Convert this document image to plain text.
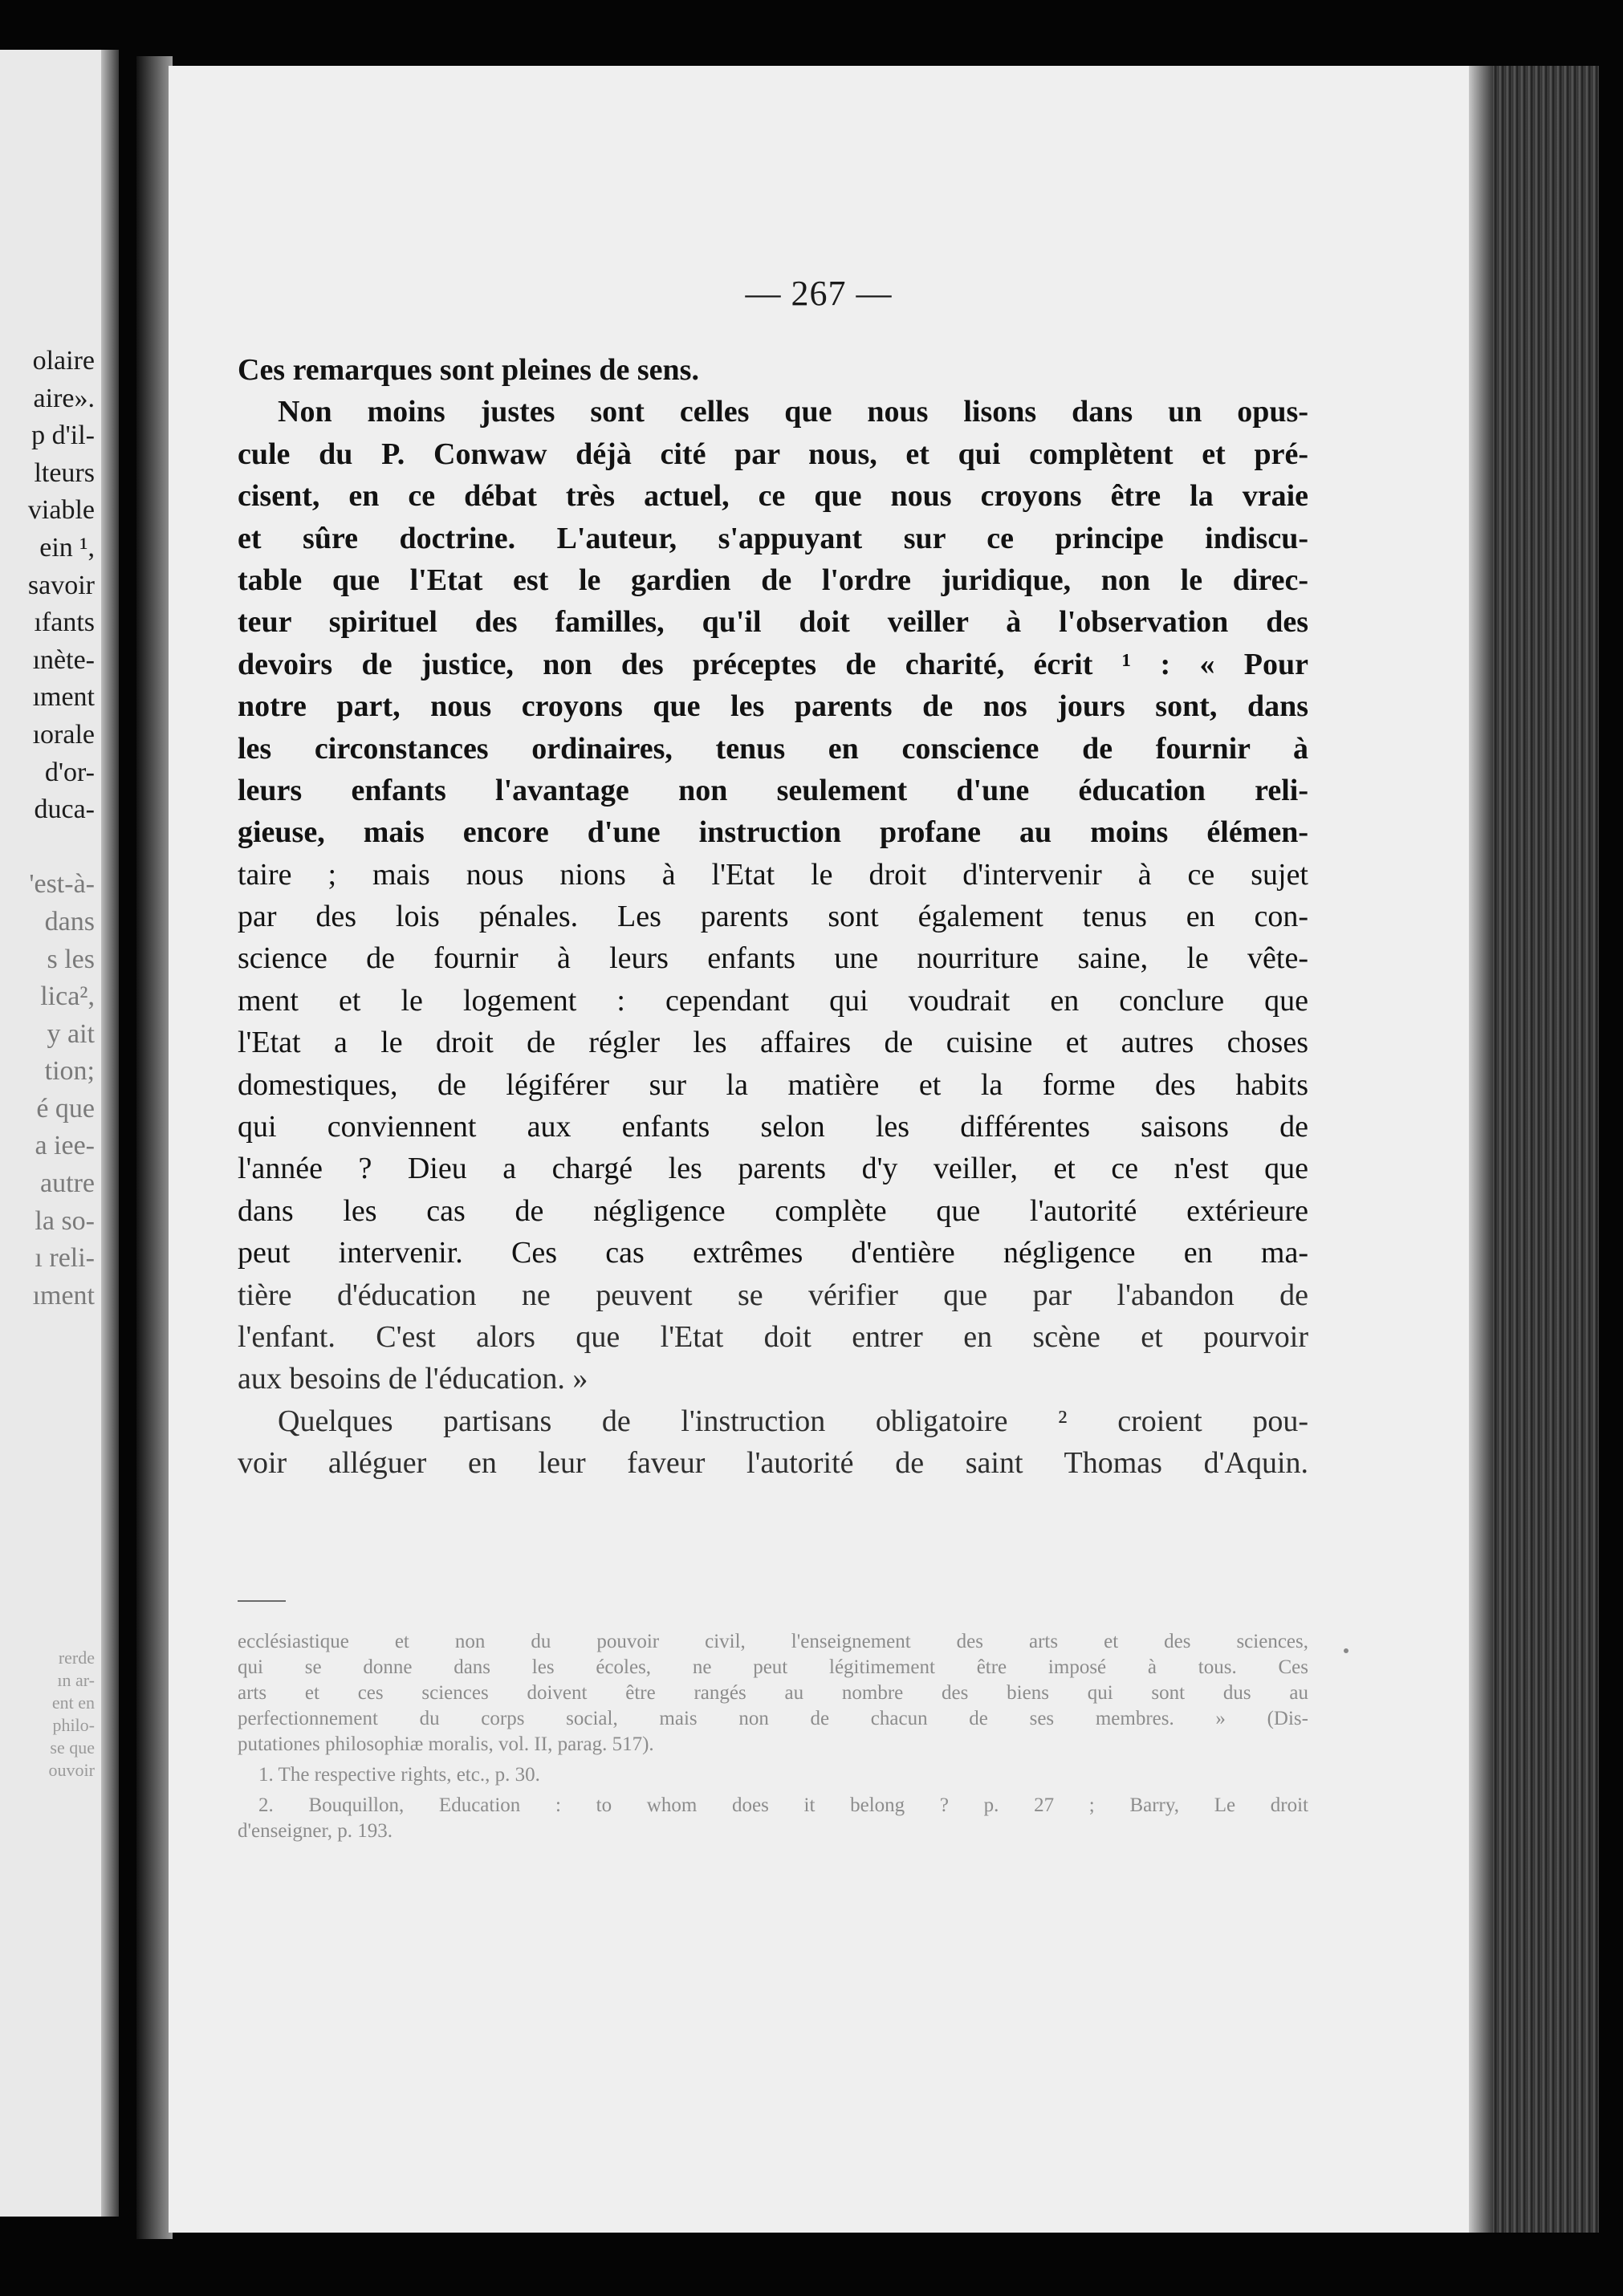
olaire
aire».
p d'il-
lteurs
viable
ein ¹,
savoir
ıfants
ınète-
ıment
ıorale
d'or-
duca-
'est-à-
dans
s les
lica²,
y ait
tion;
é que
a iee-
autre
la so-
ı reli-
ıment
rerde
ın ar-
ent en
philo-
se que
ouvoir
— 267 —
Ces remarques sont pleines de sens.
Non moins justes sont celles que nous lisons dans un opus-
cule du P. Conwaw déjà cité par nous, et qui complètent et pré-
cisent, en ce débat très actuel, ce que nous croyons être la vraie
et sûre doctrine. L'auteur, s'appuyant sur ce principe indiscu-
table que l'Etat est le gardien de l'ordre juridique, non le direc-
teur spirituel des familles, qu'il doit veiller à l'observation des
devoirs de justice, non des préceptes de charité, écrit ¹ : « Pour
notre part, nous croyons que les parents de nos jours sont, dans
les circonstances ordinaires, tenus en conscience de fournir à
leurs enfants l'avantage non seulement d'une éducation reli-
gieuse, mais encore d'une instruction profane au moins élémen-
taire ; mais nous nions à l'Etat le droit d'intervenir à ce sujet
par des lois pénales. Les parents sont également tenus en con-
science de fournir à leurs enfants une nourriture saine, le vête-
ment et le logement : cependant qui voudrait en conclure que
l'Etat a le droit de régler les affaires de cuisine et autres choses
domestiques, de légiférer sur la matière et la forme des habits
qui conviennent aux enfants selon les différentes saisons de
l'année ? Dieu a chargé les parents d'y veiller, et ce n'est que
dans les cas de négligence complète que l'autorité extérieure
peut intervenir. Ces cas extrêmes d'entière négligence en ma-
tière d'éducation ne peuvent se vérifier que par l'abandon de
l'enfant. C'est alors que l'Etat doit entrer en scène et pourvoir
aux besoins de l'éducation. »
Quelques partisans de l'instruction obligatoire ² croient pou-
voir alléguer en leur faveur l'autorité de saint Thomas d'Aquin.
ecclésiastique et non du pouvoir civil, l'enseignement des arts et des sciences,
qui se donne dans les écoles, ne peut légitimement être imposé à tous. Ces
arts et ces sciences doivent être rangés au nombre des biens qui sont dus au
perfectionnement du corps social, mais non de chacun de ses membres. » (Dis-
putationes philosophiæ moralis, vol. II, parag. 517).
1. The respective rights, etc., p. 30.
2. Bouquillon, Education : to whom does it belong ? p. 27 ; Barry, Le droit
d'enseigner, p. 193.
